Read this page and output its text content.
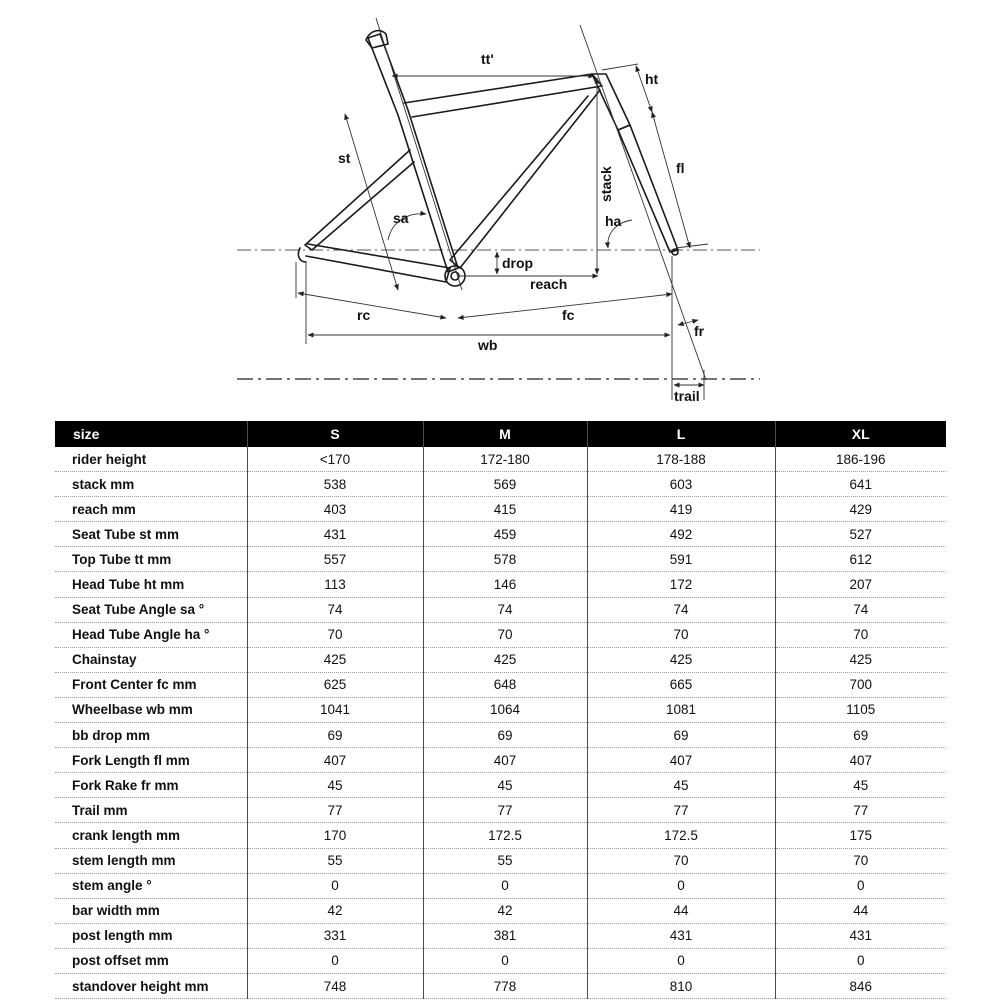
tt'
ht
st
stack	fl
sa	ha
drop
reach
rc	fc
fr
wb
trail
size	S	M	L	XL
rider height	<170	172-180	178-188	186-196
stack mm	538	569	603	641
reach mm	403	415	419	429
Seat Tube st mm	431	459	492	527
Top Tube tt mm	557	578	591	612
Head Tube ht mm	113	146	172	207
Seat Tube Angle sa °	74	74	74	74
Head Tube Angle ha °	70	70	70	70
Chainstay	425	425	425	425
Front Center fc mm	625	648	665	700
Wheelbase wb mm	1041	1064	1081	1105
bb drop mm	69	69	69	69
Fork Length fl mm	407	407	407	407
Fork Rake fr mm	45	45	45	45
Trail mm	77	77	77	77
crank length mm	170	172.5	172.5	175
stem length mm	55	55	70	70
stem angle °	0	0	0	0
bar width mm	42	42	44	44
post length mm	331	381	431	431
post offset mm	0	0	0	0
standover height mm	748	778	810	846
